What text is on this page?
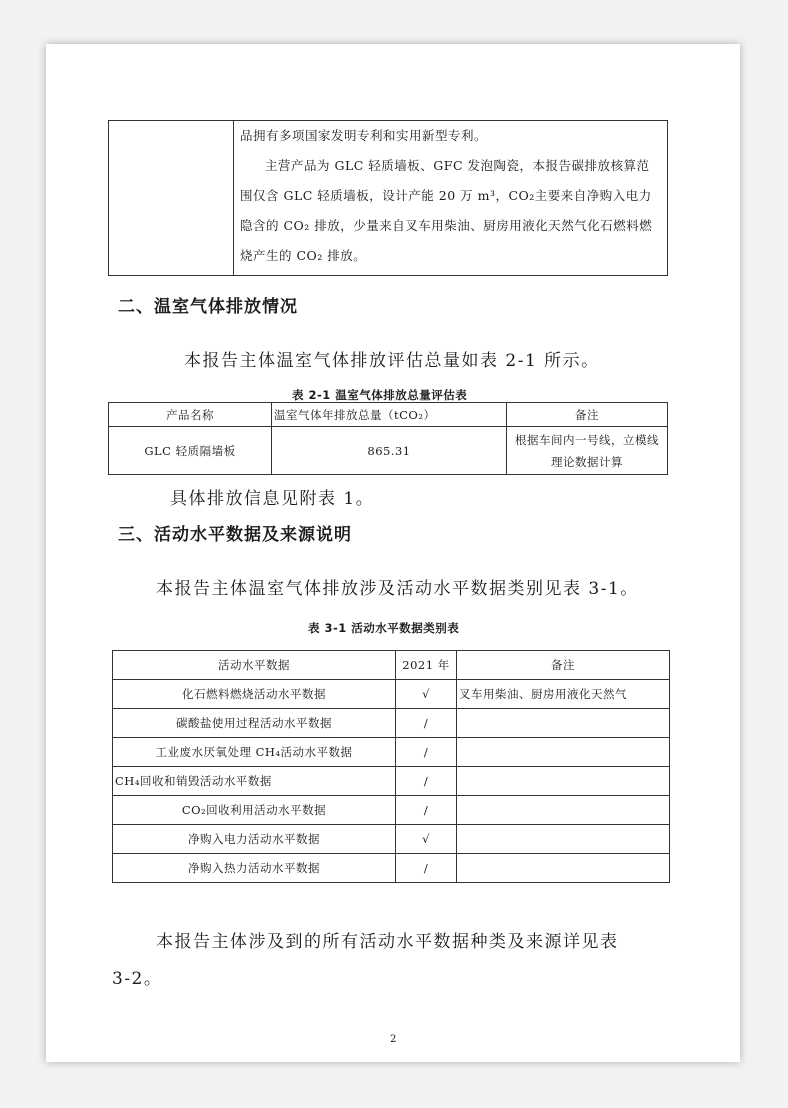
品拥有多项国家发明专利和实用新型专利。

主营产品为 GLC 轻质墙板、GFC 发泡陶瓷，本报告碳排放核算范围仅含 GLC 轻质墙板，设计产能 20 万 m³，CO₂主要来自净购入电力隐含的 CO₂ 排放，少量来自叉车用柴油、厨房用液化天然气化石燃料燃烧产生的 CO₂ 排放。

二、温室气体排放情况
本报告主体温室气体排放评估总量如表 2-1 所示。
表 2-1 温室气体排放总量评估表
产品名称	温室气体年排放总量（tCO₂）	备注
GLC 轻质隔墙板	865.31	根据车间内一号线，立模线理论数据计算
具体排放信息见附表 1。
三、活动水平数据及来源说明
本报告主体温室气体排放涉及活动水平数据类别见表 3-1。
表 3-1 活动水平数据类别表
活动水平数据	2021 年	备注
化石燃料燃烧活动水平数据	√	叉车用柴油、厨房用液化天然气
碳酸盐使用过程活动水平数据	/	
工业废水厌氧处理 CH₄活动水平数据	/	
CH₄回收和销毁活动水平数据	/	
CO₂回收利用活动水平数据	/	
净购入电力活动水平数据	√	
净购入热力活动水平数据	/	
本报告主体涉及到的所有活动水平数据种类及来源详见表
3-2。
2
